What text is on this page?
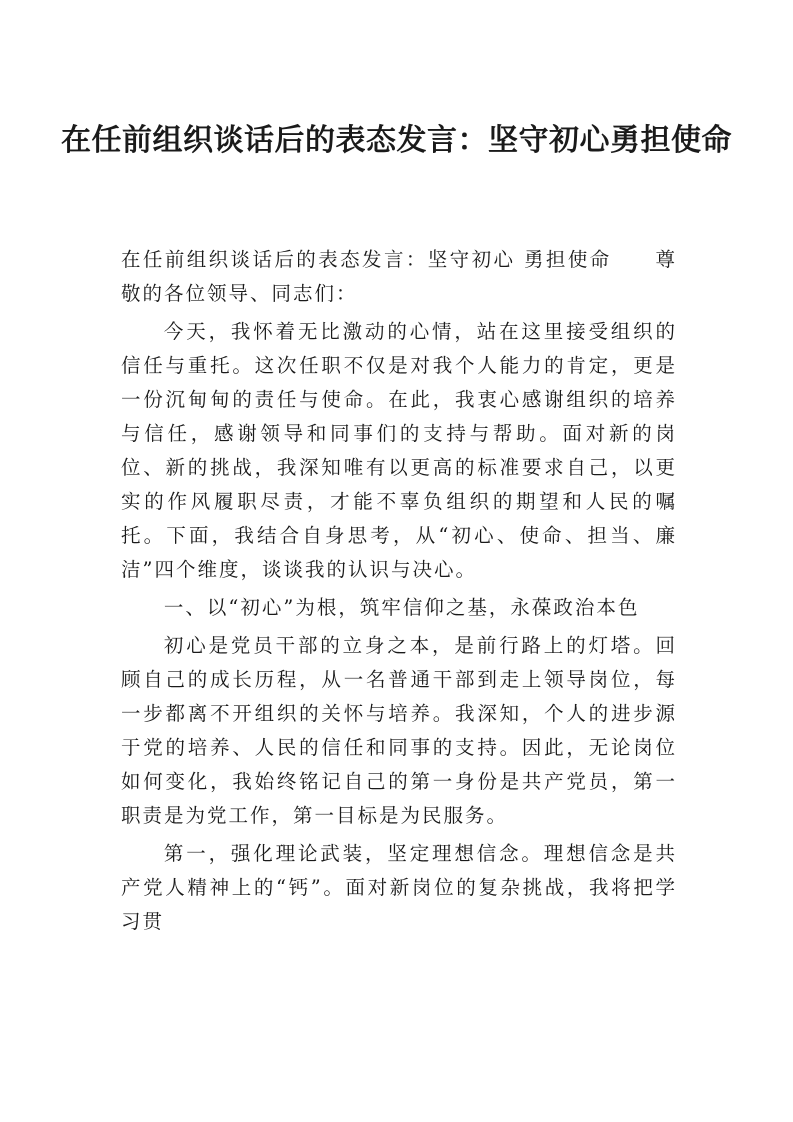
在任前组织谈话后的表态发言：坚守初心勇担使命

在任前组织谈话后的表态发言：坚守初心 勇担使命　　尊敬的各位领导、同志们：

今天，我怀着无比激动的心情，站在这里接受组织的信任与重托。这次任职不仅是对我个人能力的肯定，更是一份沉甸甸的责任与使命。在此，我衷心感谢组织的培养与信任，感谢领导和同事们的支持与帮助。面对新的岗位、新的挑战，我深知唯有以更高的标准要求自己，以更实的作风履职尽责，才能不辜负组织的期望和人民的嘱托。下面，我结合自身思考，从“初心、使命、担当、廉洁”四个维度，谈谈我的认识与决心。

一、以“初心”为根，筑牢信仰之基，永葆政治本色

初心是党员干部的立身之本，是前行路上的灯塔。回顾自己的成长历程，从一名普通干部到走上领导岗位，每一步都离不开组织的关怀与培养。我深知，个人的进步源于党的培养、人民的信任和同事的支持。因此，无论岗位如何变化，我始终铭记自己的第一身份是共产党员，第一职责是为党工作，第一目标是为民服务。

第一，强化理论武装，坚定理想信念。理想信念是共产党人精神上的“钙”。面对新岗位的复杂挑战，我将把学习贯
